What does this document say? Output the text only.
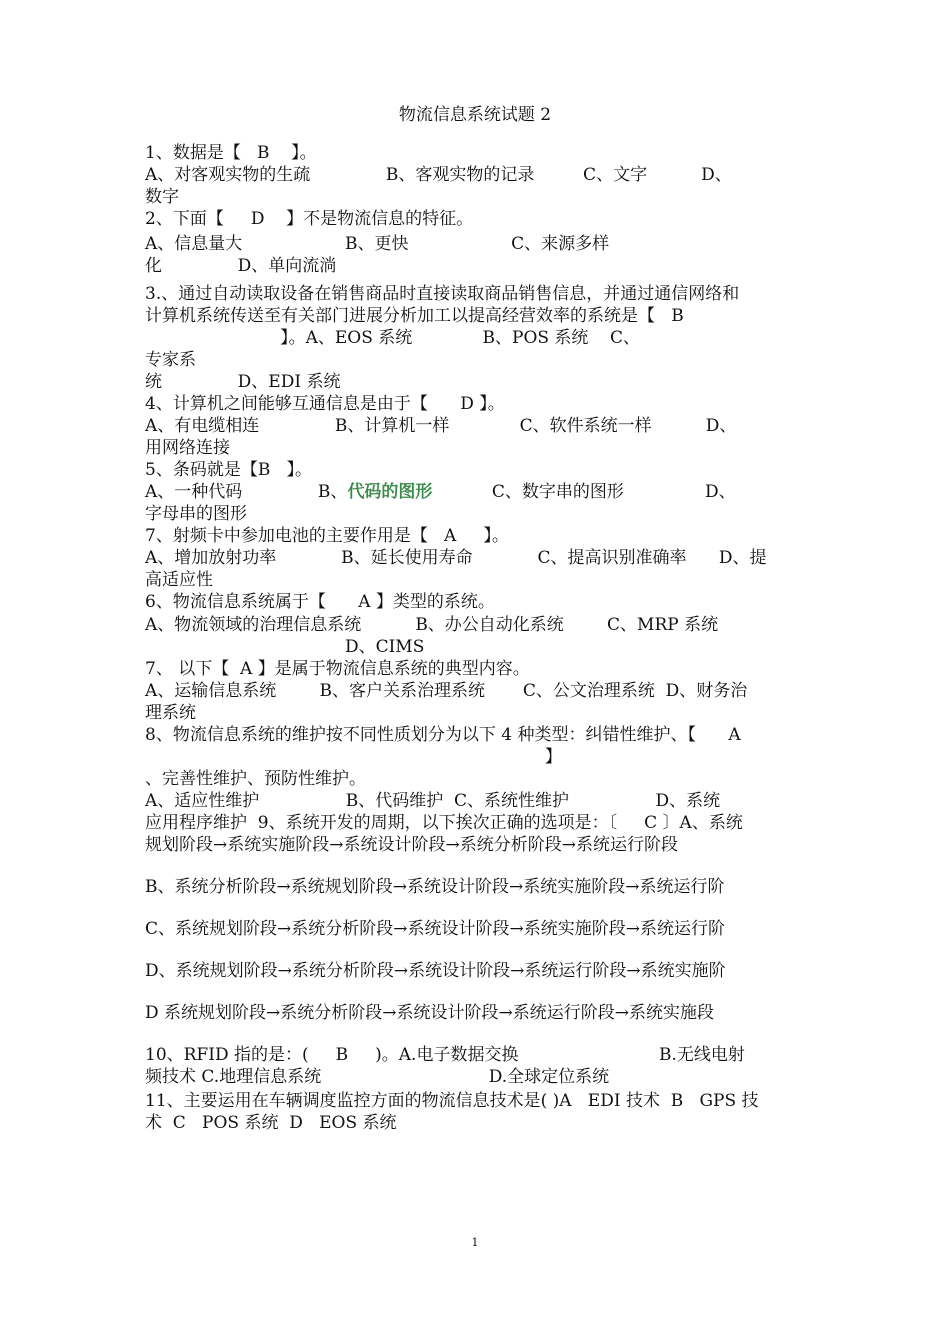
物流信息系统试题 2
1、数据是【   B    】。
A、对客观实物的生疏              B、客观实物的记录         C、文字          D、
数字
2、下面【     D    】不是物流信息的特征。
A、信息量大                   B、更快                   C、来源多样
化              D、单向流淌
3.、通过自动读取设备在销售商品时直接读取商品销售信息，并通过通信网络和
计算机系统传送至有关部门进展分析加工以提高经营效率的系统是【   B
】。A、EOS 系统             B、POS 系统    C、
专家系
统              D、EDI 系统
4、计算机之间能够互通信息是由于【      D 】。
A、有电缆相连              B、计算机一样             C、软件系统一样          D、
用网络连接
5、条码就是【B   】。
A、一种代码              B、代码的图形           C、数字串的图形               D、
字母串的图形
7、射频卡中参加电池的主要作用是【   A     】。
A、增加放射功率            B、延长使用寿命            C、提高识别准确率      D、提
高适应性
6、物流信息系统属于【      A 】类型的系统。
A、物流领域的治理信息系统          B、办公自动化系统        C、MRP 系统
D、CIMS
7、 以下【  A 】是属于物流信息系统的典型内容。
A、运输信息系统        B、客户关系治理系统       C、公文治理系统  D、财务治
理系统
8、物流信息系统的维护按不同性质划分为以下 4 种类型：纠错性维护、【      A
】
、完善性维护、预防性维护。
A、适应性维护                B、代码维护  C、系统性维护                D、系统
应用程序维护  9、系统开发的周期，以下挨次正确的选项是：〔     C 〕A、系统
规划阶段→系统实施阶段→系统设计阶段→系统分析阶段→系统运行阶段
B、系统分析阶段→系统规划阶段→系统设计阶段→系统实施阶段→系统运行阶
C、系统规划阶段→系统分析阶段→系统设计阶段→系统实施阶段→系统运行阶
D、系统规划阶段→系统分析阶段→系统设计阶段→系统运行阶段→系统实施阶
D 系统规划阶段→系统分析阶段→系统设计阶段→系统运行阶段→系统实施段
10、RFID 指的是：(     B     )。A.电子数据交换                          B.无线电射
频技术 C.地理信息系统                               D.全球定位系统
11、主要运用在车辆调度监控方面的物流信息技术是( )A   EDI 技术  B   GPS 技
术  C   POS 系统  D   EOS 系统
1
